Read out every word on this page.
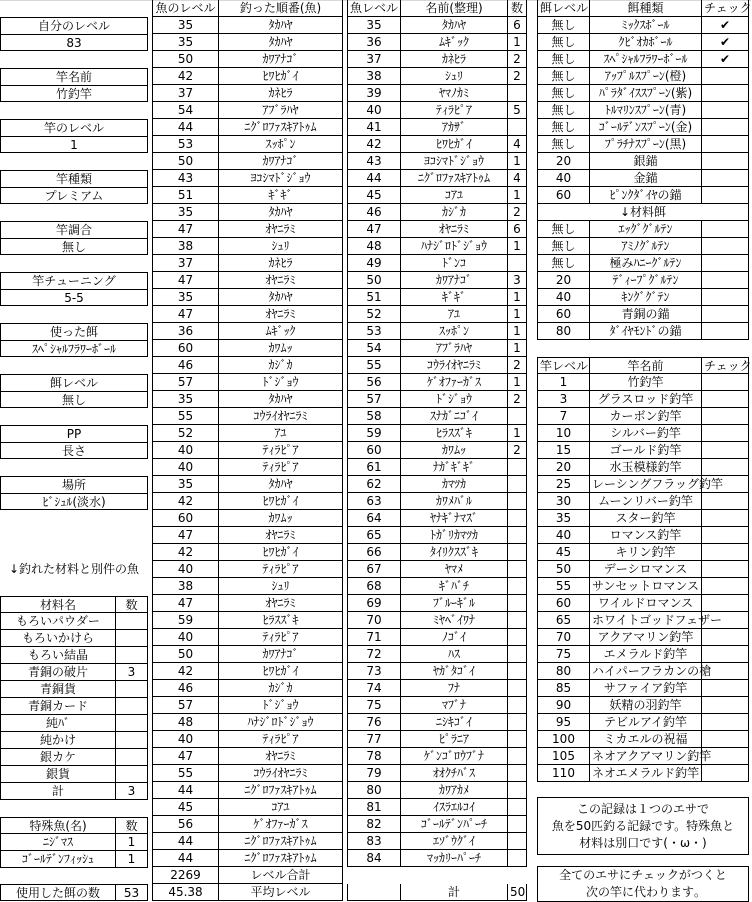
自分のレベル
83
竿名前
竹釣竿
竿のレベル
1
竿種類
プレミアム
竿調合
無し
竿チューニング
5-5
使った餌
ｽﾍﾟｼｬﾙﾌﾗﾜｰﾎﾞｰﾙ
餌レベル
無し
PP
長さ
場所
ﾋﾞｼｭﾙ(淡水)
↓釣れた材料と別件の魚
材料名	数
もろいパウダー
もろいかけら
もろい結晶
青銅の破片	3
青銅貨
青銅カード
純ﾊﾞ
純かけ
銀カケ
銀貨
計	3
特殊魚(名)	数
ﾆｼﾞﾏｽ	1
ｺﾞｰﾙﾃﾞﾝﾌｨｯｼｭ	1
使用した餌の数	53
魚のレベル	釣った順番(魚)
35	ﾀｶﾊﾔ
35	ﾀｶﾊﾔ
50	ｶﾜｱﾅｺﾞ
42	ﾋﾜﾋｶﾞｲ
37	ｶﾈﾋﾗ
54	ｱﾌﾞﾗﾊﾔ
44	ﾆｸﾞﾛﾌｧｽｷｱﾄｩﾑ
53	ｽｯﾎﾟﾝ
50	ｶﾜｱﾅｺﾞ
43	ﾖｺｼﾏﾄﾞｼﾞｮｳ
51	ｷﾞｷﾞ
35	ﾀｶﾊﾔ
47	ｵﾔﾆﾗﾐ
38	ｼｭﾘ
37	ｶﾈﾋﾗ
47	ｵﾔﾆﾗﾐ
35	ﾀｶﾊﾔ
47	ｵﾔﾆﾗﾐ
36	ﾑｷﾞｯｸ
60	ｶﾜﾑｯ
46	ｶｼﾞｶ
57	ﾄﾞｼﾞｮｳ
35	ﾀｶﾊﾔ
55	ｺｳﾗｲｵﾔﾆﾗﾐ
52	ｱﾕ
40	ﾃｨﾗﾋﾟｱ
40	ﾃｨﾗﾋﾟｱ
35	ﾀｶﾊﾔ
42	ﾋﾜﾋｶﾞｲ
60	ｶﾜﾑｯ
47	ｵﾔﾆﾗﾐ
42	ﾋﾜﾋｶﾞｲ
40	ﾃｨﾗﾋﾟｱ
38	ｼｭﾘ
47	ｵﾔﾆﾗﾐ
59	ﾋﾗｽｽﾞｷ
40	ﾃｨﾗﾋﾟｱ
50	ｶﾜｱﾅｺﾞ
42	ﾋﾜﾋｶﾞｲ
46	ｶｼﾞｶ
57	ﾄﾞｼﾞｮｳ
48	ﾊﾅｼﾞﾛﾄﾞｼﾞｮｳ
40	ﾃｨﾗﾋﾟｱ
47	ｵﾔﾆﾗﾐ
55	ｺｳﾗｲｵﾔﾆﾗﾐ
44	ﾆｸﾞﾛﾌｧｽｷｱﾄｩﾑ
45	ｺｱﾕ
56	ｹﾞｵﾌｧｰｶﾞｽ
44	ﾆｸﾞﾛﾌｧｽｷｱﾄｩﾑ
44	ﾆｸﾞﾛﾌｧｽｷｱﾄｩﾑ
2269	レベル合計
45.38	平均レベル
魚レベル	名前(整理)	数
35	ﾀｶﾊﾔ	6
36	ﾑｷﾞｯｸ	1
37	ｶﾈﾋﾗ	2
38	ｼｭﾘ	2
39	ﾔﾏﾉｶﾐ
40	ﾃｨﾗﾋﾟｱ	5
41	ｱｶｻﾞ
42	ﾋﾜﾋｶﾞｲ	4
43	ﾖｺｼﾏﾄﾞｼﾞｮｳ	1
44	ﾆｸﾞﾛﾌｧｽｷｱﾄｩﾑ	4
45	ｺｱﾕ	1
46	ｶｼﾞｶ	2
47	ｵﾔﾆﾗﾐ	6
48	ﾊﾅｼﾞﾛﾄﾞｼﾞｮｳ	1
49	ﾄﾞﾝｺ
50	ｶﾜｱﾅｺﾞ	3
51	ｷﾞｷﾞ	1
52	ｱﾕ	1
53	ｽｯﾎﾟﾝ	1
54	ｱﾌﾞﾗﾊﾔ	1
55	ｺｳﾗｲｵﾔﾆﾗﾐ	2
56	ｹﾞｵﾌｧｰｶﾞｽ	1
57	ﾄﾞｼﾞｮｳ	2
58	ｽﾅｶﾞﾆｺﾞｲ
59	ﾋﾗｽｽﾞｷ	1
60	ｶﾜﾑｯ	2
61	ﾅｶﾞｷﾞｷﾞ
62	ｶﾏﾂｶ
63	ｶﾜﾒﾊﾞﾙ
64	ﾔﾅｷﾞﾅﾏｽﾞ
65	ﾄｶﾞﾘｶﾏﾂｶ
66	ﾀｲﾘｸｽｽﾞｷ
67	ﾔﾏﾒ
68	ｷﾞﾊﾞﾁ
69	ﾌﾞﾙｰｷﾞﾙ
70	ﾐﾔﾍﾞｲﾜﾅ
71	ﾉｺﾞｲ
72	ﾊｽ
73	ﾔｶﾞﾀｺﾞｲ
74	ﾌﾅ
75	ﾏﾌﾞﾅ
76	ﾆｼｷｺﾞｲ
77	ﾋﾟﾗﾆｱ
78	ｹﾞﾝｺﾞﾛｳﾌﾞﾅ
79	ｵｵｸﾁﾊﾞｽ
80	ｶﾜｱｶﾒ
81	ｲｽﾗｴﾙｺｲ
82	ｺﾞｰﾙﾃﾞﾝﾊﾟｰﾁ
83	ｴｿﾞｳｸﾞｲ
84	ﾏｯｶﾘｰﾊﾟｰﾁ
計	50
餌レベル	餌種類	チェック
無し	ﾐｯｸｽﾎﾞｰﾙ	✔
無し	ｸﾋﾞｵｶﾎﾞｰﾙ	✔
無し	ｽﾍﾟｼｬﾙﾌﾗﾜｰﾎﾞｰﾙ	✔
無し	ｱｯﾌﾟﾙｽﾌﾟｰﾝ(橙)
無し	ﾊﾟﾗﾀﾞｲｽｽﾌﾟｰﾝ(紫)
無し	ﾄﾙﾏﾘﾝｽﾌﾟｰﾝ(青)
無し	ｺﾞｰﾙﾃﾞﾝｽﾌﾟｰﾝ(金)
無し	ﾌﾟﾗﾁﾅｽﾌﾟｰﾝ(黒)
20	銀錨
40	金錨
60	ﾋﾟﾝｸﾀﾞｲﾔの錨
↓材料餌
無し	ｴｯｸﾞｸﾞﾙﾃﾝ
無し	ｱﾐﾉｸﾞﾙﾃﾝ
無し	極みﾊﾆｰｸﾞﾙﾃﾝ
20	ﾃﾞｨｰﾌﾟｸﾞﾙﾃﾝ
40	ｷﾝｸﾞｸﾞﾃﾝ
60	青銅の錨
80	ﾀﾞｲﾔﾓﾝﾄﾞの錨
竿レベル	竿名前	チェック
1	竹釣竿
3	グラスロッド釣竿
7	カーボン釣竿
10	シルバー釣竿
15	ゴールド釣竿
20	水玉模様釣竿
25	レーシングフラッグ釣竿
30	ムーンリバー釣竿
35	スター釣竿
40	ロマンス釣竿
45	キリン釣竿
50	デーシロマンス
55	サンセットロマンス
60	ワイルドロマンス
65	ホワイトゴッドフェザー
70	アクアマリン釣竿
75	エメラルド釣竿
80	ハイパーフラカンの槍
85	サファイア釣竿
90	妖精の羽釣竿
95	テビルアイ釣竿
100	ミカエルの祝福
105	ネオアクアマリン釣竿
110	ネオエメラルド釣竿
この記録は１つのエサで
魚を50匹釣る記録です。特殊魚と
材料は別口です(・ω・)
全てのエサにチェックがつくと
次の竿に代わります｡
